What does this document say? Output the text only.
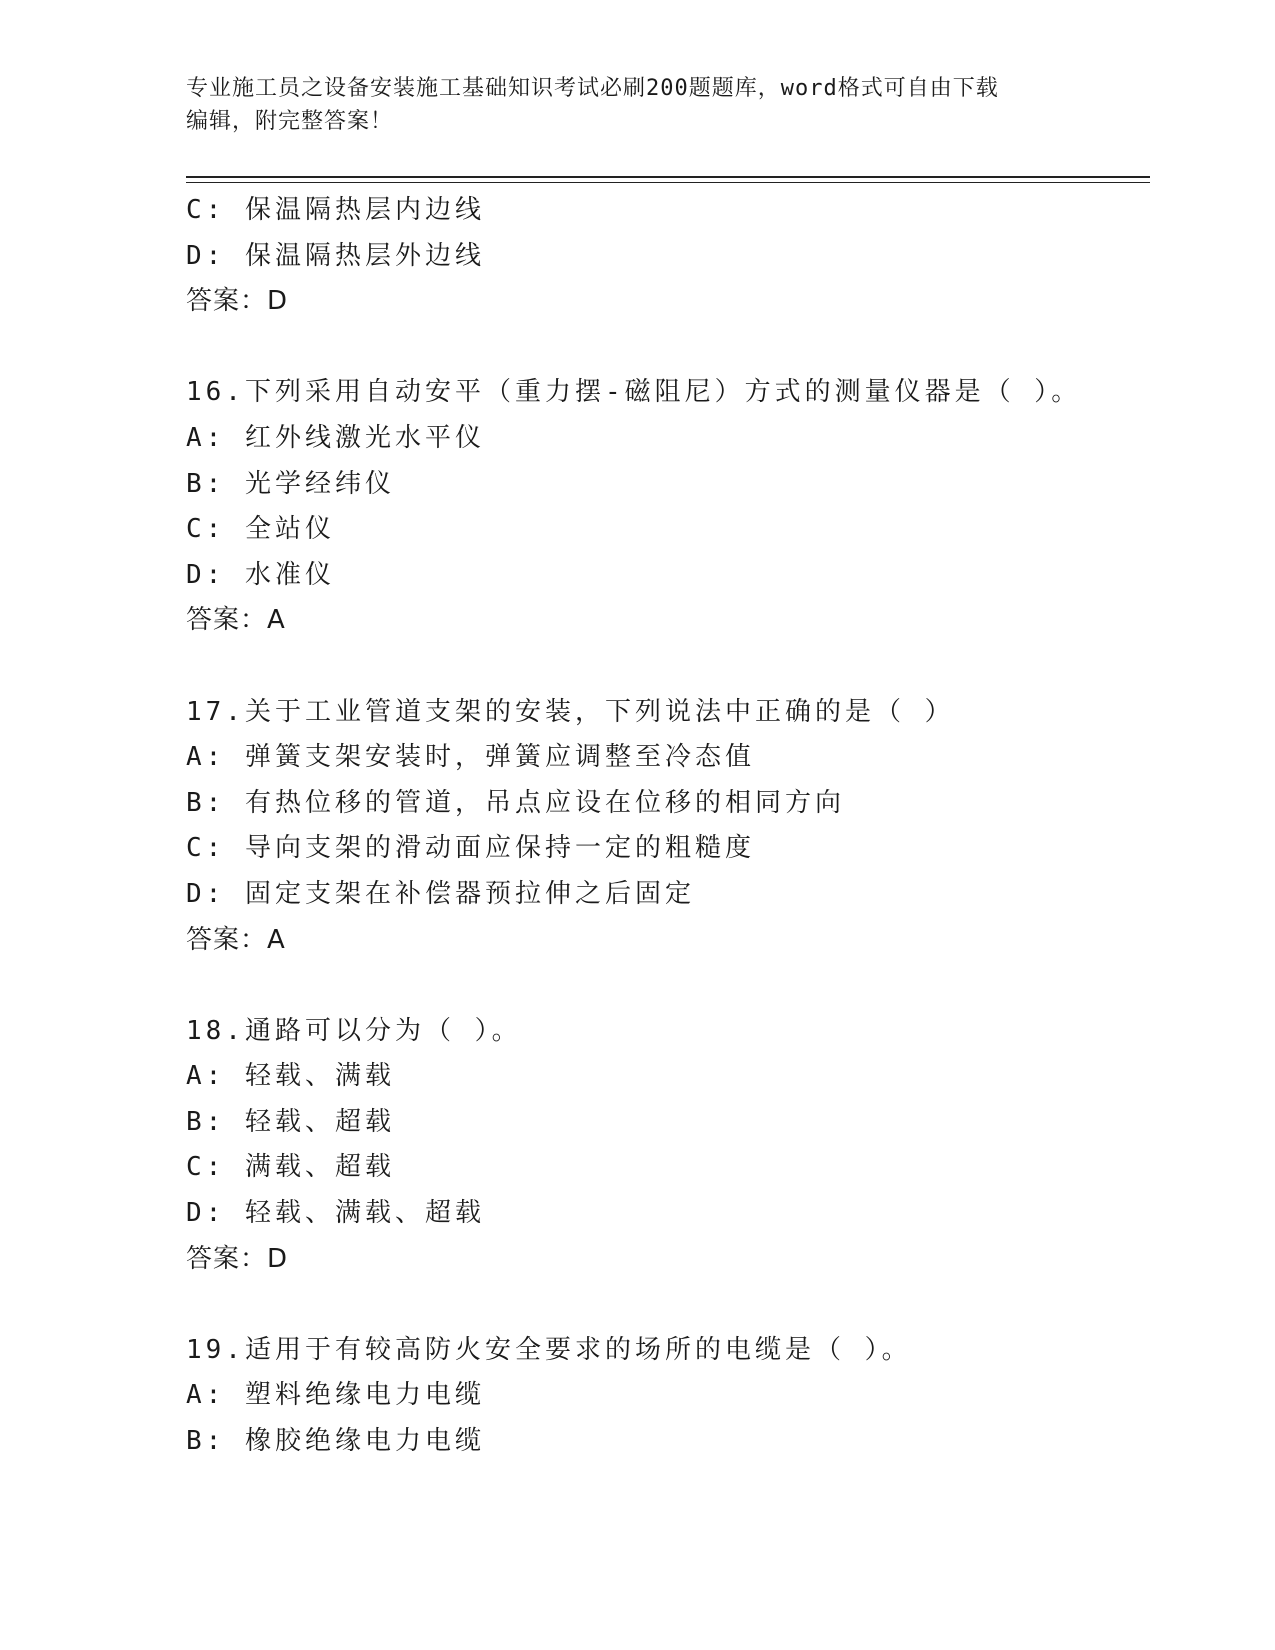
专业施工员之设备安装施工基础知识考试必刷200题题库，word格式可自由下载
编辑，附完整答案！
C: 保温隔热层内边线
D: 保温隔热层外边线
答案：D
16.下列采用自动安平（重力摆-磁阻尼）方式的测量仪器是（ ）。
A: 红外线激光水平仪
B: 光学经纬仪
C: 全站仪
D: 水准仪
答案：A
17.关于工业管道支架的安装，下列说法中正确的是（ ）
A: 弹簧支架安装时，弹簧应调整至冷态值
B: 有热位移的管道，吊点应设在位移的相同方向
C: 导向支架的滑动面应保持一定的粗糙度
D: 固定支架在补偿器预拉伸之后固定
答案：A
18.通路可以分为（ ）。
A: 轻载、满载
B: 轻载、超载
C: 满载、超载
D: 轻载、满载、超载
答案：D
19.适用于有较高防火安全要求的场所的电缆是（ ）。
A: 塑料绝缘电力电缆
B: 橡胶绝缘电力电缆
